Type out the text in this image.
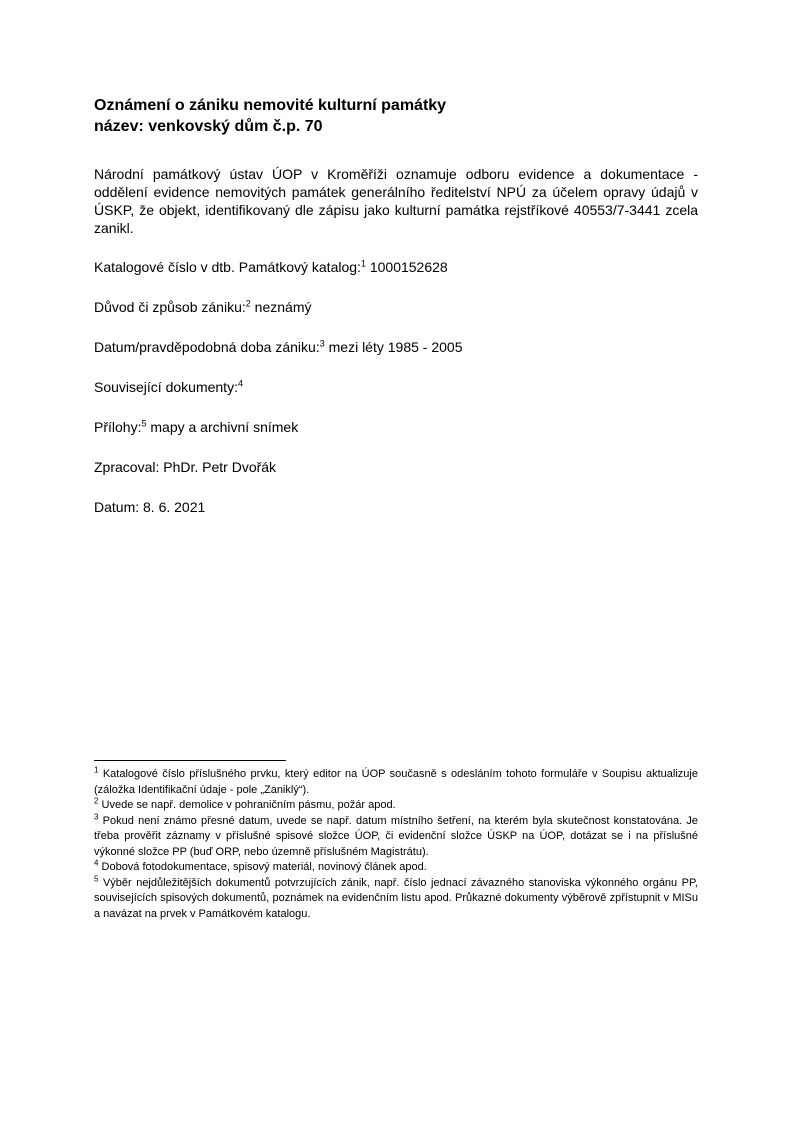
Oznámení o zániku nemovité kulturní památky
název: venkovský dům č.p. 70

Národní památkový ústav ÚOP v Kroměříži oznamuje odboru evidence a dokumentace - oddělení evidence nemovitých památek generálního ředitelství NPÚ za účelem opravy údajů v ÚSKP, že objekt, identifikovaný dle zápisu jako kulturní památka rejstříkové 40553/7-3441 zcela zanikl.

Katalogové číslo v dtb. Památkový katalog:$^1$ 1000152628

Důvod či způsob zániku:$^2$ neznámý

Datum/pravděpodobná doba zániku:$^3$ mezi léty 1985 - 2005

Související dokumenty:$^4$

Přílohy:$^5$ mapy a archivní snímek

Zpracoval: PhDr. Petr Dvořák

Datum: 8. 6. 2021

$^1$ Katalogové číslo příslušného prvku, který editor na ÚOP současně s odesláním tohoto formuláře v Soupisu aktualizuje (záložka Identifikační údaje - pole „Zaniklý“).

$^2$ Uvede se např. demolice v pohraničním pásmu, požár apod.

$^3$ Pokud není známo přesné datum, uvede se např. datum místního šetření, na kterém byla skutečnost konstatována. Je třeba prověřit záznamy v příslušné spisové složce ÚOP, či evidenční složce ÚSKP na ÚOP, dotázat se i na příslušné výkonné složce PP (buď ORP, nebo územně příslušném Magistrátu).

$^4$ Dobová fotodokumentace, spisový materiál, novinový článek apod.

$^5$ Výběr nejdůležitějších dokumentů potvrzujících zánik, např. číslo jednací závazného stanoviska výkonného orgánu PP, souvisejících spisových dokumentů, poznámek na evidenčním listu apod. Průkazné dokumenty výběrově zpřístupnit v MISu a navázat na prvek v Památkovém katalogu.
